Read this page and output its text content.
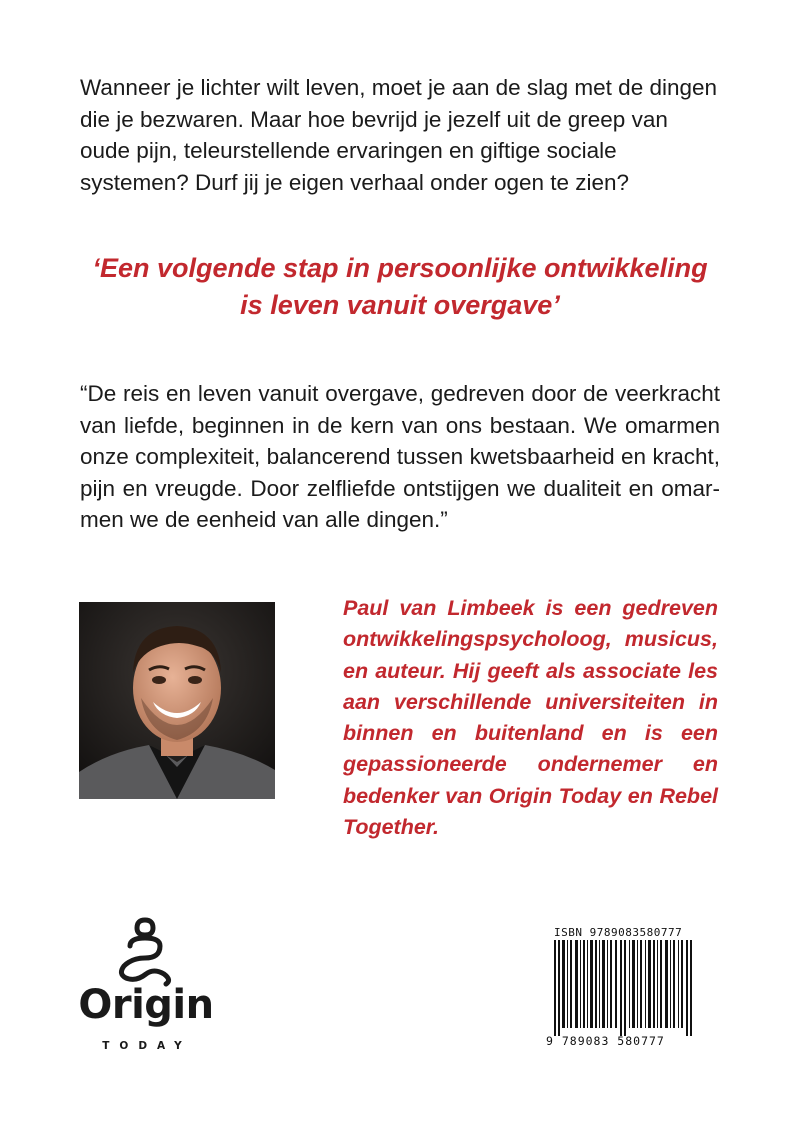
Wanneer je lichter wilt leven, moet je aan de slag met de dingen die je bezwaren. Maar hoe bevrijd je jezelf uit de greep van oude pijn, teleurstellende ervaringen en giftige sociale systemen? Durf jij je eigen verhaal onder ogen te zien?

‘Een volgende stap in persoonlijke ontwikkeling
is leven vanuit overgave’

“De reis en leven vanuit overgave, gedreven door de veerkracht van liefde, beginnen in de kern van ons bestaan. We omarmen onze complexiteit, balancerend tussen kwetsbaarheid en kracht, pijn en vreugde. Door zelfliefde ontstijgen we dualiteit en omarmen we de eenheid van alle dingen.”

Paul van Limbeek is een gedreven ontwikkelingspsycholoog, musicus, en auteur. Hij geeft als associate les aan verschillende universiteiten in binnen en buitenland en is een gepassioneerde ondernemer en bedenker van Origin Today en Rebel Together.

Origin
TODAY
ISBN 9789083580777
9 789083 580777
